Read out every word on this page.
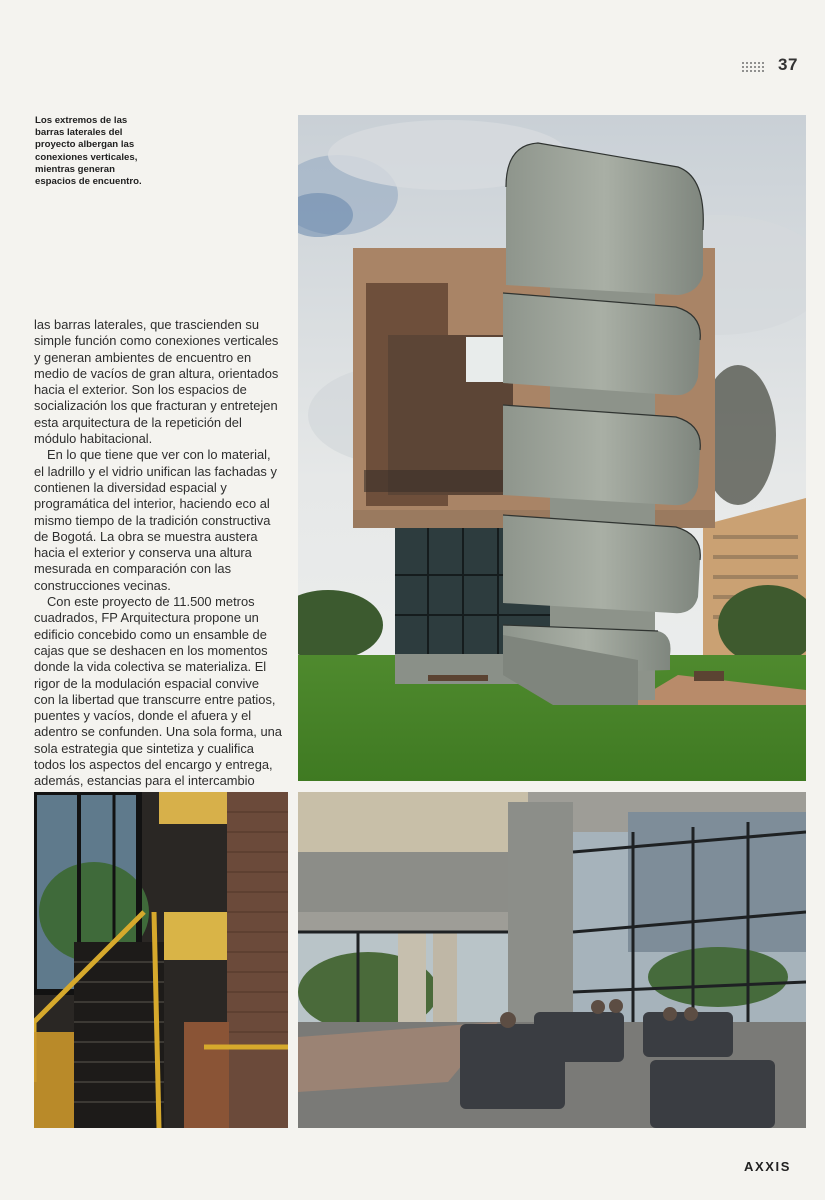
37

Los extremos de las
barras laterales del
proyecto albergan las
conexiones verticales,
mientras generan
espacios de encuentro.

las barras laterales, que trascienden su simple función como conexiones verticales y generan ambientes de encuentro en medio de vacíos de gran altura, orientados hacia el exterior. Son los espacios de socialización los que fracturan y entretejen esta arquitectura de la repetición del módulo habitacional.

En lo que tiene que ver con lo material, el ladrillo y el vidrio unifican las fachadas y contienen la diversidad espacial y programática del interior, haciendo eco al mismo tiempo de la tradición constructiva de Bogotá. La obra se muestra austera hacia el exterior y conserva una altura mesurada en comparación con las construcciones vecinas.

Con este proyecto de 11.500 metros cuadrados, FP Arquitectura propone un edificio concebido como un ensamble de cajas que se deshacen en los momentos donde la vida colectiva se materializa. El rigor de la modulación espacial convive con la libertad que transcurre entre patios, puentes y vacíos, donde el afuera y el adentro se confunden. Una sola forma, una sola estrategia que sintetiza y cualifica todos los aspectos del encargo y entrega, además, estancias para el intercambio

AXXIS
